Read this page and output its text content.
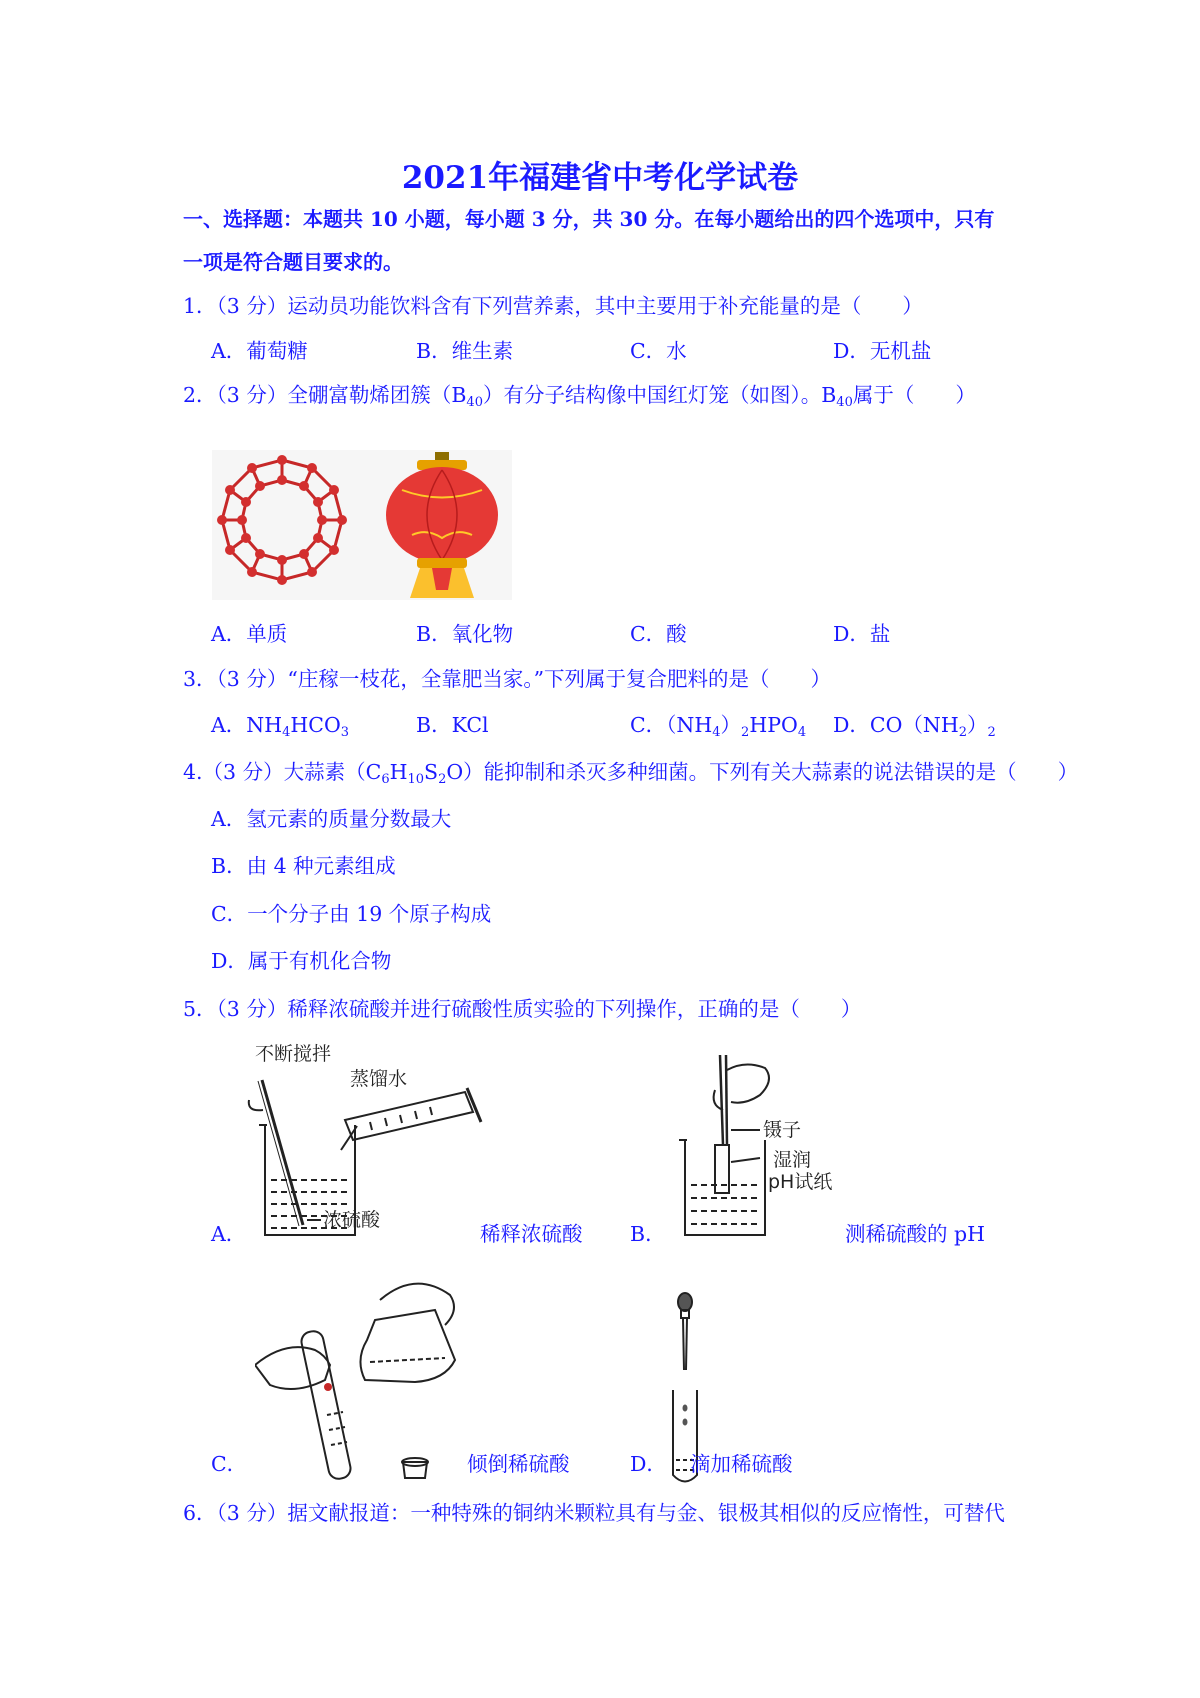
2021年福建省中考化学试卷
一、选择题：本题共 10 小题，每小题 3 分，共 30 分。在每小题给出的四个选项中，只有
一项是符合题目要求的。
1．（3 分）运动员功能饮料含有下列营养素，其中主要用于补充能量的是（　　）
A．葡萄糖	B．维生素	C．水	D．无机盐
2．（3 分）全硼富勒烯团簇$(B_{40})$有分子结构像中国红灯笼（如图）。$B_{40}$属于（　　）
A．单质	B．氧化物	C．酸	D．盐
3．（3 分）“庄稼一枝花，全靠肥当家。”下列属于复合肥料的是（　　）
A．$NH_4HCO_3$	B．KCl	C．$(NH_4)_2HPO_4$ D．$CO(NH_2)_2$
4.（3 分）大蒜素$(C_6H_{10}S_2O)$能抑制和杀灭多种细菌。下列有关大蒜素的说法错误的是（　　）
A．氢元素的质量分数最大
B．由 4 种元素组成
C．一个分子由 19 个原子构成
D．属于有机化合物
5．（3 分）稀释浓硫酸并进行硫酸性质实验的下列操作，正确的是（　　）
不断搅拌
蒸馏水
浓硫酸
A．	稀释浓硫酸
镊子
湿润
pH试纸
B．	测稀硫酸的 pH
C．	倾倒稀硫酸	D． 滴加稀硫酸
6．（3 分）据文献报道：一种特殊的铜纳米颗粒具有与金、银极其相似的反应惰性，可替代
